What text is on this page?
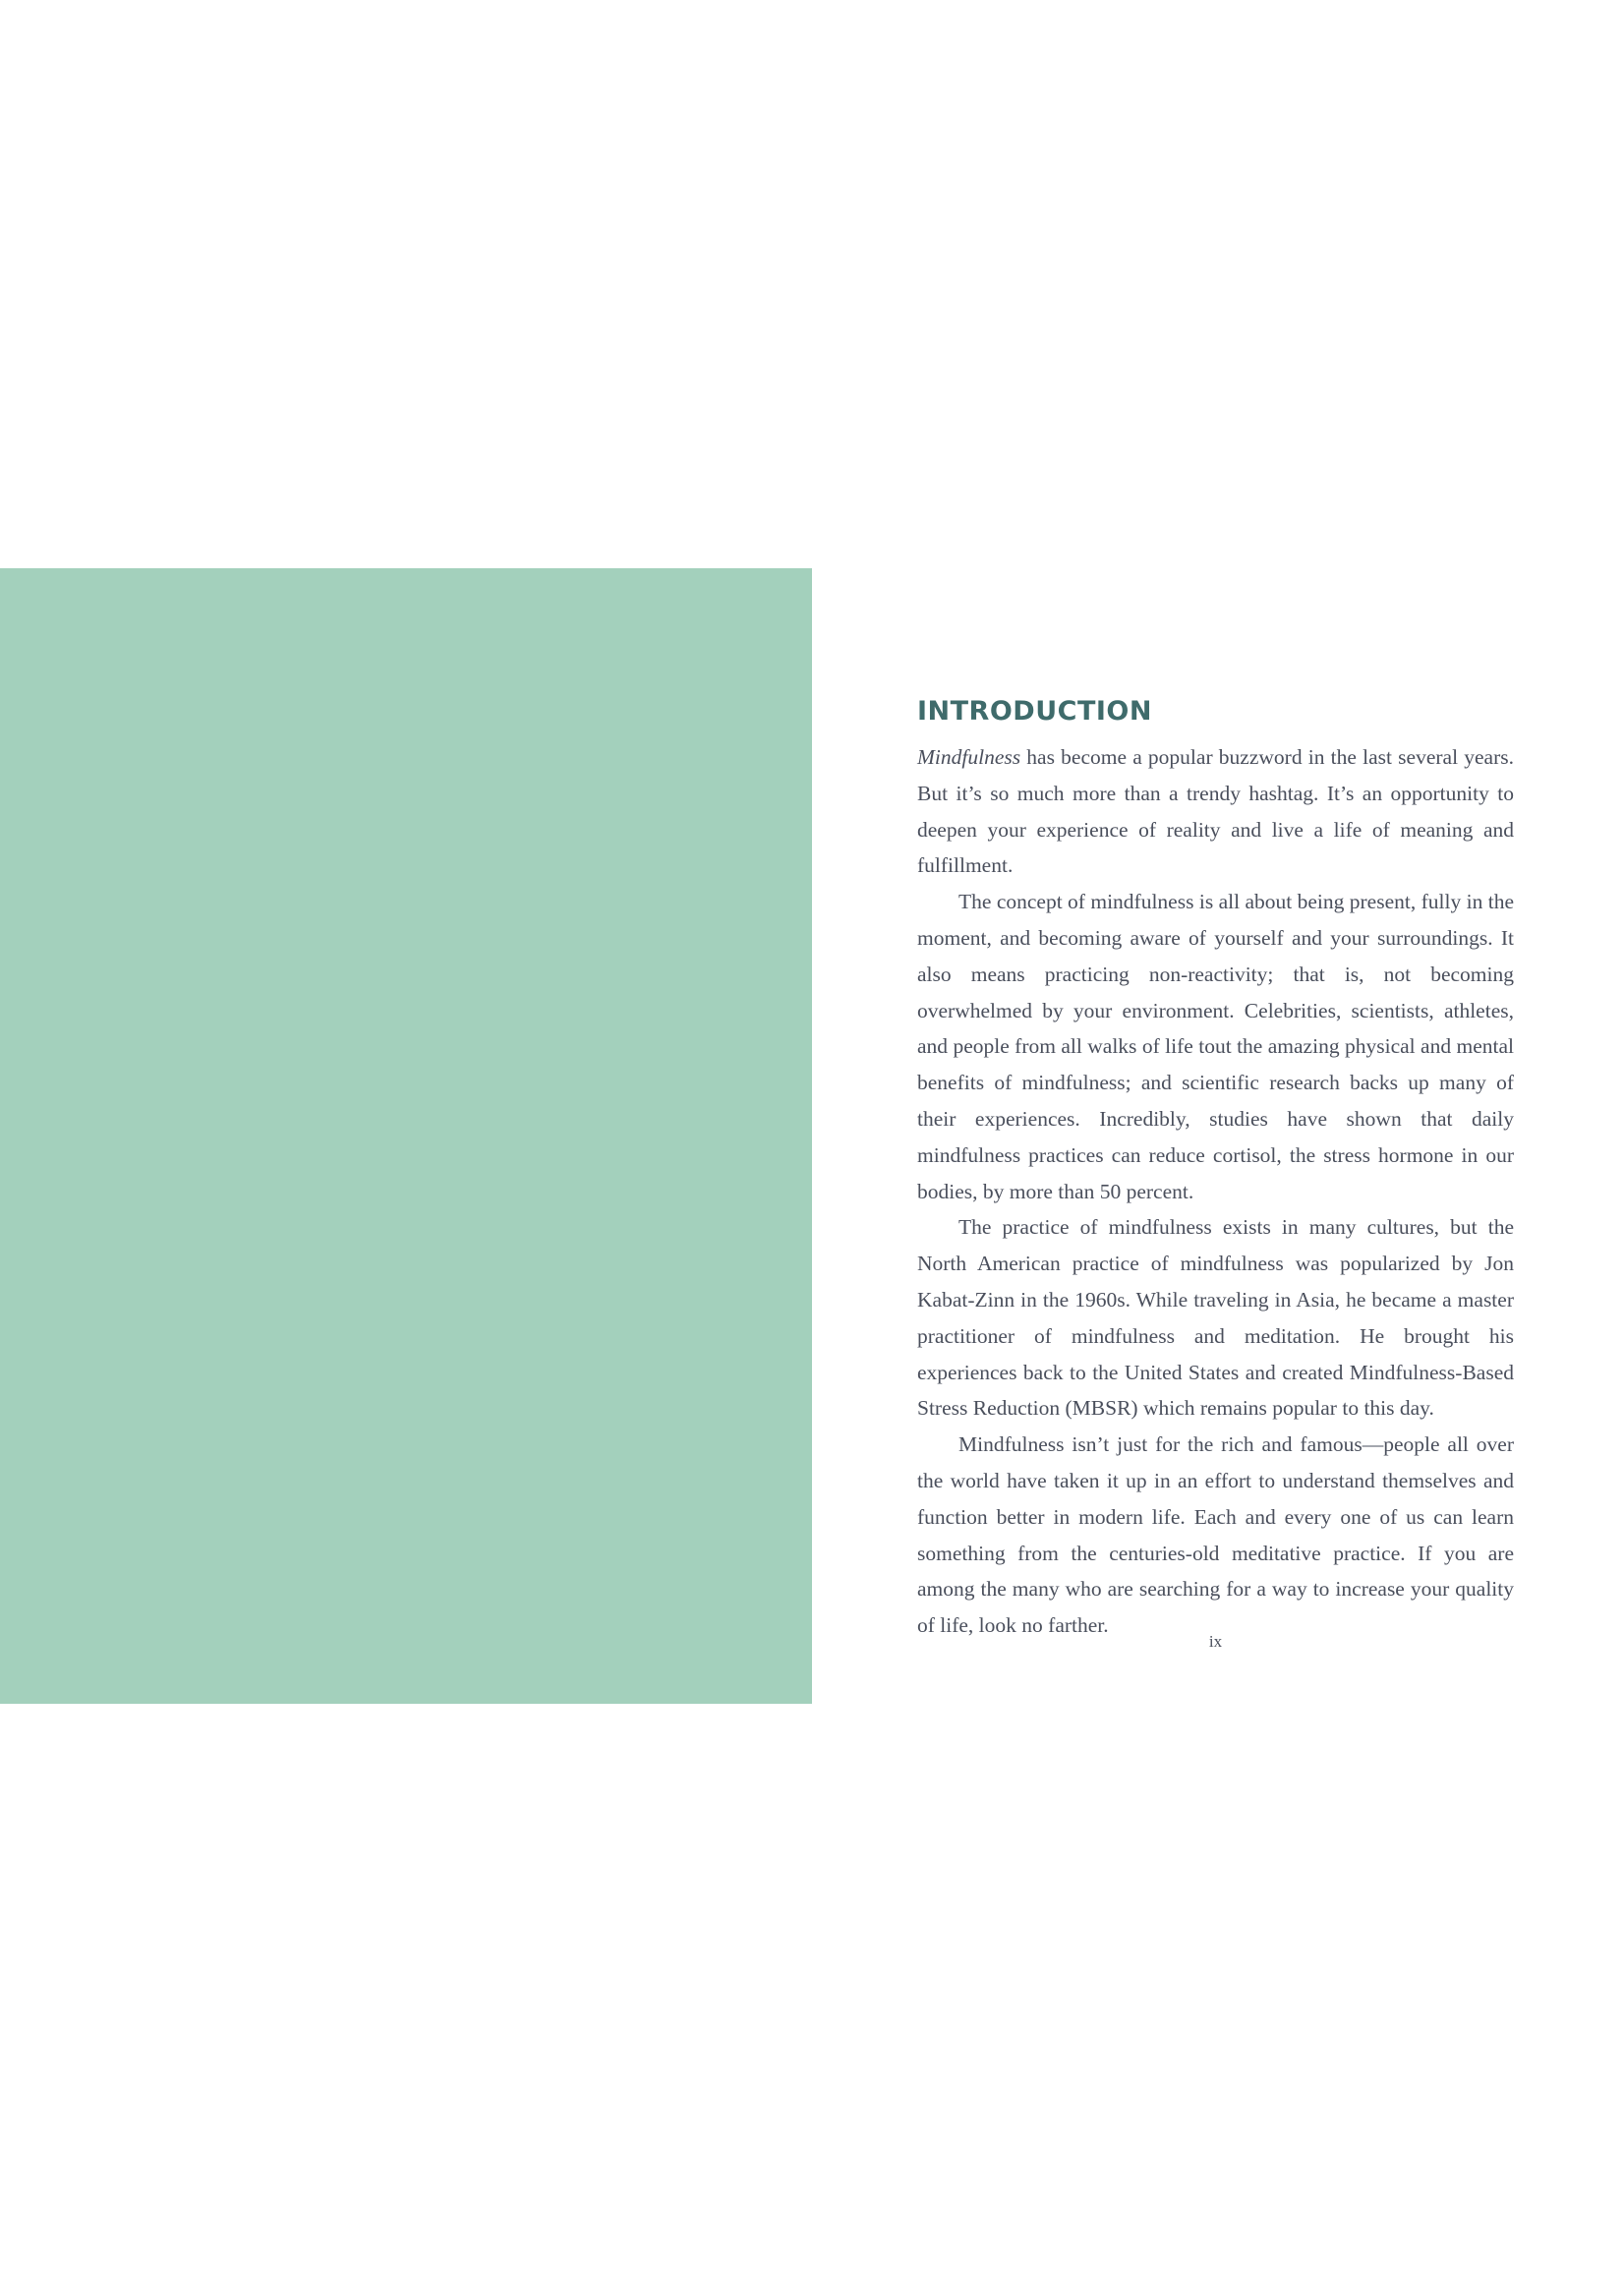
INTRODUCTION

Mindfulness has become a popular buzzword in the last several years. But it’s so much more than a trendy hashtag. It’s an opportunity to deepen your experience of reality and live a life of meaning and fulfillment.

The concept of mindfulness is all about being present, fully in the moment, and becoming aware of yourself and your surroundings. It also means practicing non-reactivity; that is, not becoming overwhelmed by your environment. Celebrities, scientists, athletes, and people from all walks of life tout the amazing physical and mental benefits of mindfulness; and scientific research backs up many of their experiences. Incredibly, studies have shown that daily mindfulness practices can reduce cortisol, the stress hormone in our bodies, by more than 50 percent.

The practice of mindfulness exists in many cultures, but the North American practice of mindfulness was popularized by Jon Kabat-Zinn in the 1960s. While traveling in Asia, he became a master practitioner of mindfulness and meditation. He brought his experiences back to the United States and created Mindfulness-Based Stress Reduction (MBSR) which remains popular to this day.

Mindfulness isn’t just for the rich and famous—people all over the world have taken it up in an effort to understand themselves and function better in modern life. Each and every one of us can learn something from the centuries-old meditative practice. If you are among the many who are searching for a way to increase your quality of life, look no farther.

ix
